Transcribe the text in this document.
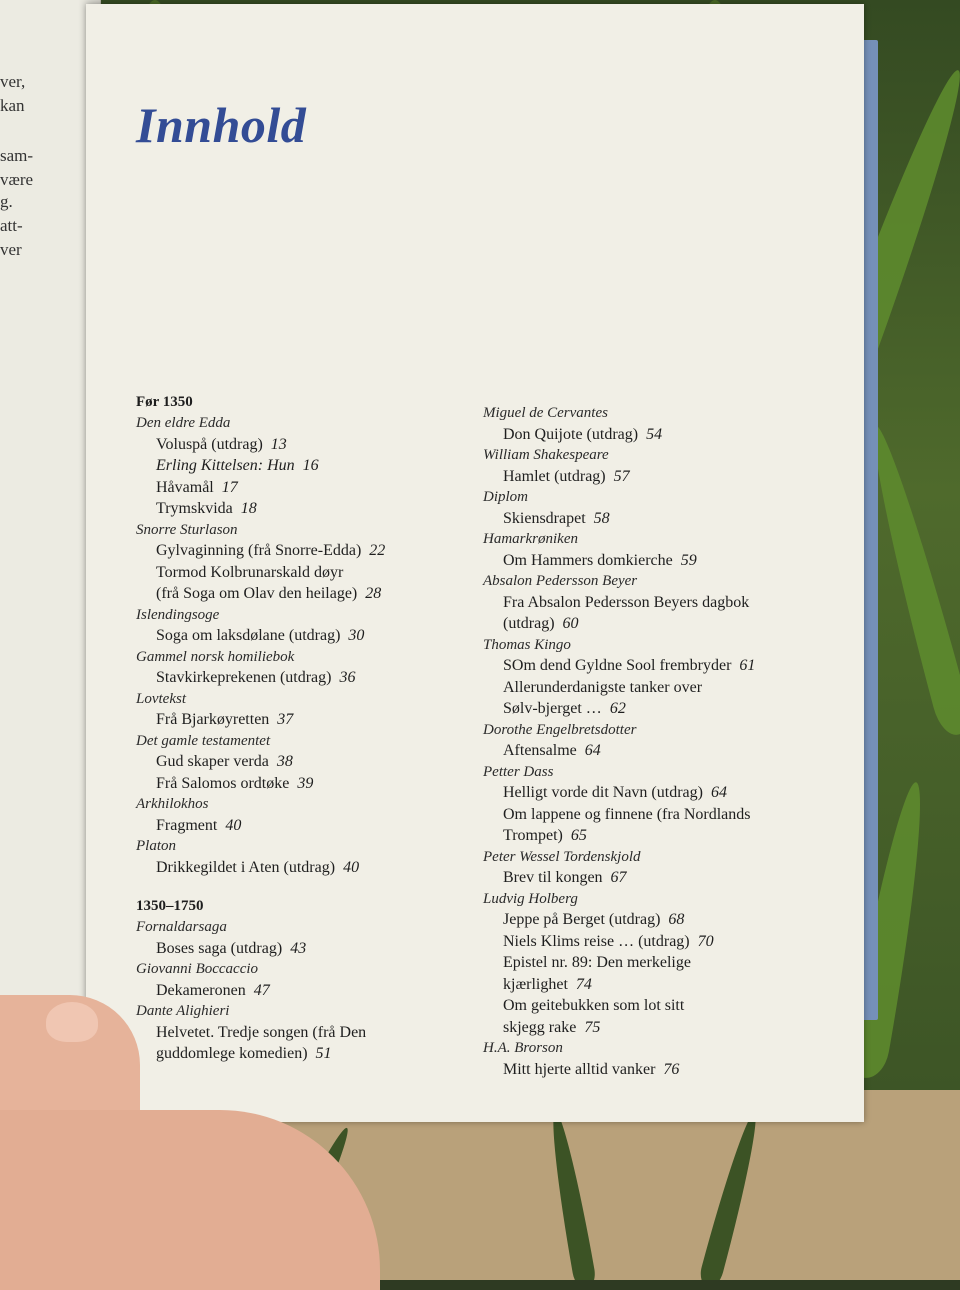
ver,
kan
sam-
være
g.
att-
ver
Innhold
Før 1350
Den eldre Edda
Voluspå (utdrag) 13
Erling Kittelsen: Hun 16
Håvamål 17
Trymskvida 18
Snorre Sturlason
Gylvaginning (frå Snorre-Edda) 22
Tormod Kolbrunarskald døyr
(frå Soga om Olav den heilage) 28
Islendingsoge
Soga om laksdølane (utdrag) 30
Gammel norsk homiliebok
Stavkirkeprekenen (utdrag) 36
Lovtekst
Frå Bjarkøyretten 37
Det gamle testamentet
Gud skaper verda 38
Frå Salomos ordtøke 39
Arkhilokhos
Fragment 40
Platon
Drikkegildet i Aten (utdrag) 40
1350–1750
Fornaldarsaga
Boses saga (utdrag) 43
Giovanni Boccaccio
Dekameronen 47
Dante Alighieri
Helvetet. Tredje songen (frå Den
guddomlege komedien) 51
Miguel de Cervantes
Don Quijote (utdrag) 54
William Shakespeare
Hamlet (utdrag) 57
Diplom
Skiensdrapet 58
Hamarkrøniken
Om Hammers domkierche 59
Absalon Pedersson Beyer
Fra Absalon Pedersson Beyers dagbok
(utdrag) 60
Thomas Kingo
SOm dend Gyldne Sool frembryder 61
Allerunderdanigste tanker over
Sølv-bjerget … 62
Dorothe Engelbretsdotter
Aftensalme 64
Petter Dass
Helligt vorde dit Navn (utdrag) 64
Om lappene og finnene (fra Nordlands
Trompet) 65
Peter Wessel Tordenskjold
Brev til kongen 67
Ludvig Holberg
Jeppe på Berget (utdrag) 68
Niels Klims reise … (utdrag) 70
Epistel nr. 89: Den merkelige
kjærlighet 74
Om geitebukken som lot sitt
skjegg rake 75
H.A. Brorson
Mitt hjerte alltid vanker 76
